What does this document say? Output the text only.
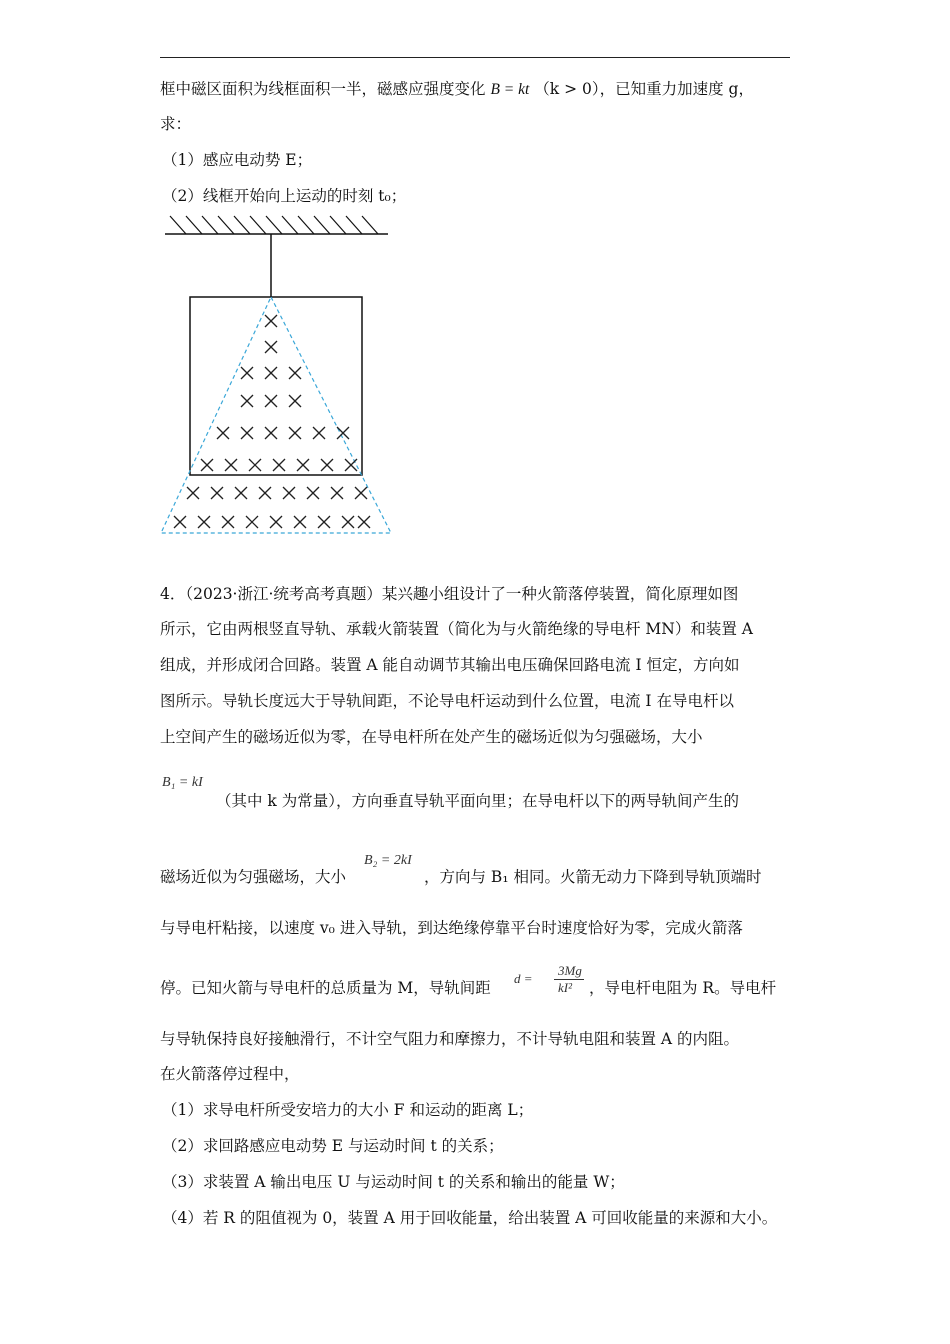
框中磁区面积为线框面积一半，磁感应强度变化 B = kt （k > 0），已知重力加速度 g，
求：
（1）感应电动势 E；
（2）线框开始向上运动的时刻 t₀；
4．（2023·浙江·统考高考真题）某兴趣小组设计了一种火箭落停装置，简化原理如图
所示，它由两根竖直导轨、承载火箭装置（简化为与火箭绝缘的导电杆 MN）和装置 A
组成，并形成闭合回路。装置 A 能自动调节其输出电压确保回路电流 I 恒定，方向如
图所示。导轨长度远大于导轨间距，不论导电杆运动到什么位置，电流 I 在导电杆以
上空间产生的磁场近似为零，在导电杆所在处产生的磁场近似为匀强磁场，大小
B₁ = kI
（其中 k 为常量），方向垂直导轨平面向里；在导电杆以下的两导轨间产生的
磁场近似为匀强磁场，大小
B₂ = 2kI
，方向与 B₁ 相同。火箭无动力下降到导轨顶端时
与导电杆粘接，以速度 v₀ 进入导轨，到达绝缘停靠平台时速度恰好为零，完成火箭落
停。已知火箭与导电杆的总质量为 M，导轨间距
d =
3Mg
kI² ，导电杆电阻为 R。导电杆
与导轨保持良好接触滑行，不计空气阻力和摩擦力，不计导轨电阻和装置 A 的内阻。
在火箭落停过程中，
（1）求导电杆所受安培力的大小 F 和运动的距离 L；
（2）求回路感应电动势 E 与运动时间 t 的关系；
（3）求装置 A 输出电压 U 与运动时间 t 的关系和输出的能量 W；
（4）若 R 的阻值视为 0，装置 A 用于回收能量，给出装置 A 可回收能量的来源和大小。
